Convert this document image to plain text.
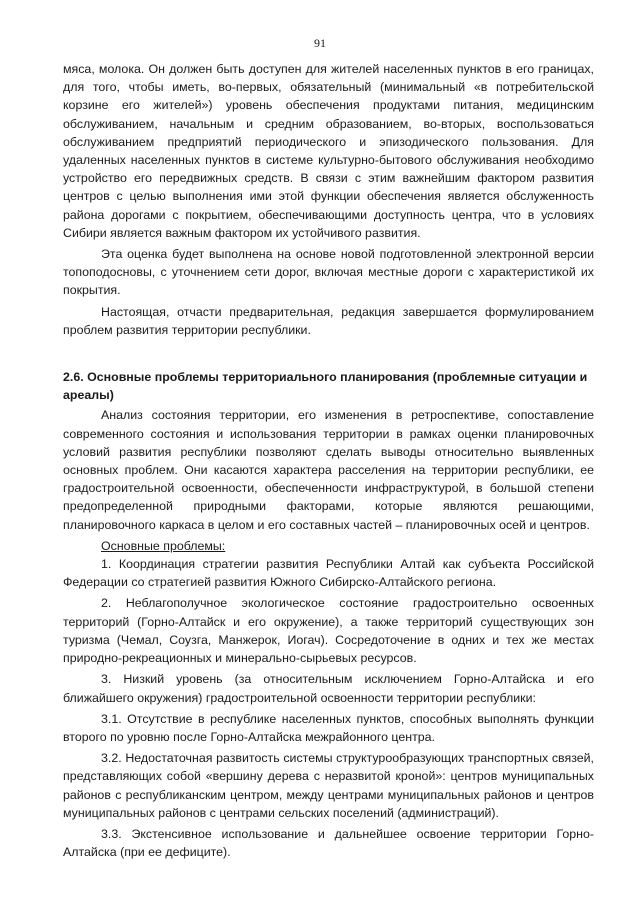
91

мяса, молока. Он должен быть доступен для жителей населенных пунктов в его границах, для того, чтобы иметь, во-первых, обязательный (минимальный «в потребительской корзине его жителей») уровень обеспечения продуктами питания, медицинским обслуживанием, начальным и средним образованием, во-вторых, воспользоваться обслуживанием предприятий периодического и эпизодического пользования. Для удаленных населенных пунктов в системе культурно-бытового обслуживания необходимо устройство его передвижных средств. В связи с этим важнейшим фактором развития центров с целью выполнения ими этой функции обеспечения является обслуженность района дорогами с покрытием, обеспечивающими доступность центра, что в условиях Сибири является важным фактором их устойчивого развития.

Эта оценка будет выполнена на основе новой подготовленной электронной версии топоподосновы, с уточнением сети дорог, включая местные дороги с характеристикой их покрытия.

Настоящая, отчасти предварительная, редакция завершается формулированием проблем развития территории республики.

2.6. Основные проблемы территориального планирования (проблемные ситуации и ареалы)

Анализ состояния территории, его изменения в ретроспективе, сопоставление современного состояния и использования территории в рамках оценки планировочных условий развития республики позволяют сделать выводы относительно выявленных основных проблем. Они касаются характера расселения на территории республики, ее градостроительной освоенности, обеспеченности инфраструктурой, в большой степени предопределенной природными факторами, которые являются решающими, планировочного каркаса в целом и его составных частей – планировочных осей и центров.

Основные проблемы:

1. Координация стратегии развития Республики Алтай как субъекта Российской Федерации со стратегией развития Южного Сибирско-Алтайского региона.

2. Неблагополучное экологическое состояние градостроительно освоенных территорий (Горно-Алтайск и его окружение), а также территорий существующих зон туризма (Чемал, Соузга, Манжерок, Иогач). Сосредоточение в одних и тех же местах природно-рекреационных и минерально-сырьевых ресурсов.

3. Низкий уровень (за относительным исключением Горно-Алтайска и его ближайшего окружения) градостроительной освоенности территории республики:

3.1. Отсутствие в республике населенных пунктов, способных выполнять функции второго по уровню после Горно-Алтайска межрайонного центра.

3.2. Недостаточная развитость системы структурообразующих транспортных связей, представляющих собой «вершину дерева с неразвитой кроной»: центров муниципальных районов с республиканским центром, между центрами муниципальных районов и центров муниципальных районов с центрами сельских поселений (администраций).

3.3. Экстенсивное использование и дальнейшее освоение территории Горно-Алтайска (при ее дефиците).
